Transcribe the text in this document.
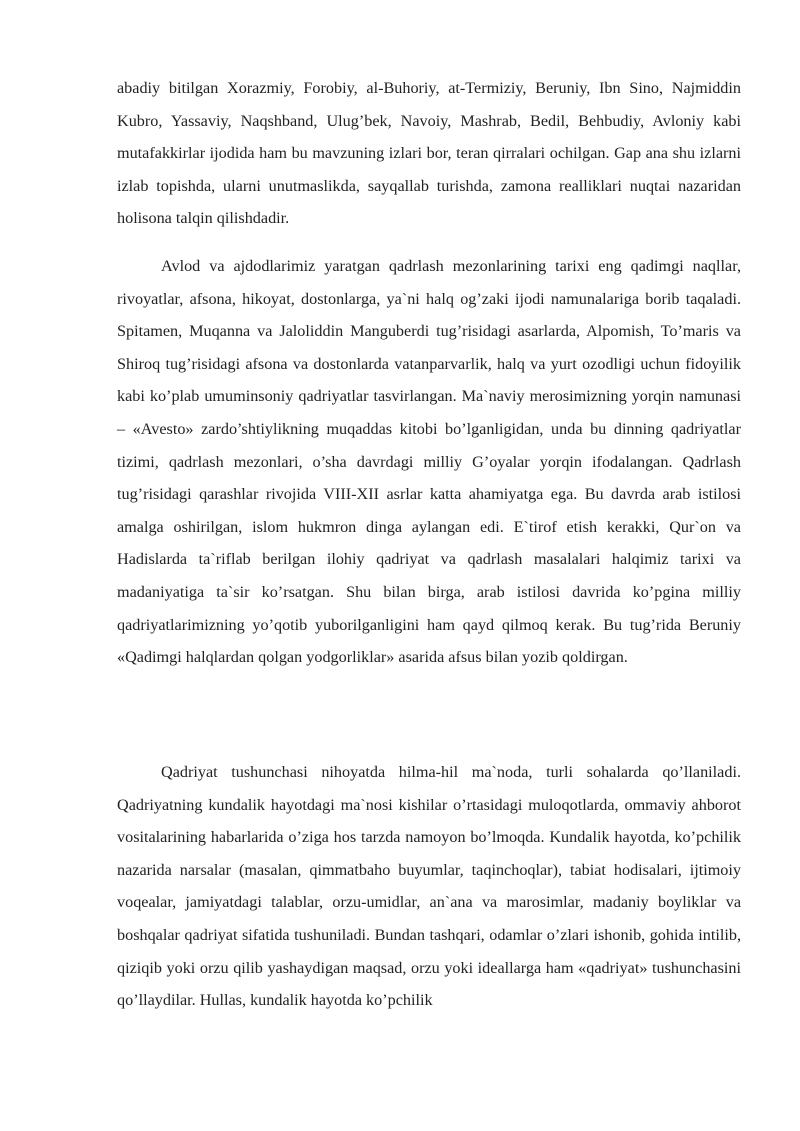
abadiy bitilgan Xorazmiy, Forobiy, al-Buhoriy, at-Termiziy, Beruniy, Ibn Sino, Najmiddin Kubro, Yassaviy, Naqshband, Ulug’bek, Navoiy, Mashrab, Bedil, Behbudiy, Avloniy kabi mutafakkirlar ijodida ham bu mavzuning izlari bor, teran qirralari ochilgan. Gap ana shu izlarni izlab topishda, ularni unutmaslikda, sayqallab turishda, zamona realliklari nuqtai nazaridan holisona talqin qilishdadir.

Avlod va ajdodlarimiz yaratgan qadrlash mezonlarining tarixi eng qadimgi naqllar, rivoyatlar, afsona, hikoyat, dostonlarga, ya`ni halq og’zaki ijodi namunalariga borib taqaladi. Spitamen, Muqanna va Jaloliddin Manguberdi tug’risidagi asarlarda, Alpomish, To’maris va Shiroq tug’risidagi afsona va dostonlarda vatanparvarlik, halq va yurt ozodligi uchun fidoyilik kabi ko’plab umuminsoniy qadriyatlar tasvirlangan. Ma`naviy merosimizning yorqin namunasi – «Avesto» zardo’shtiylikning muqaddas kitobi bo’lganligidan, unda bu dinning qadriyatlar tizimi, qadrlash mezonlari, o’sha davrdagi milliy G’oyalar yorqin ifodalangan. Qadrlash tug’risidagi qarashlar rivojida VIII-XII asrlar katta ahamiyatga ega. Bu davrda arab istilosi amalga oshirilgan, islom hukmron dinga aylangan edi. E`tirof etish kerakki, Qur`on va Hadislarda ta`riflab berilgan ilohiy qadriyat va qadrlash masalalari halqimiz tarixi va madaniyatiga ta`sir ko’rsatgan. Shu bilan birga, arab istilosi davrida ko’pgina milliy qadriyatlarimizning yo’qotib yuborilganligini ham qayd qilmoq kerak. Bu tug’rida Beruniy «Qadimgi halqlardan qolgan yodgorliklar» asarida afsus bilan yozib qoldirgan.

Qadriyat tushunchasi nihoyatda hilma-hil ma`noda, turli sohalarda qo’llaniladi. Qadriyatning kundalik hayotdagi ma`nosi kishilar o’rtasidagi muloqotlarda, ommaviy ahborot vositalarining habarlarida o’ziga hos tarzda namoyon bo’lmoqda. Kundalik hayotda, ko’pchilik nazarida narsalar (masalan, qimmatbaho buyumlar, taqinchoqlar), tabiat hodisalari, ijtimoiy voqealar, jamiyatdagi talablar, orzu-umidlar, an`ana va marosimlar, madaniy boyliklar va boshqalar qadriyat sifatida tushuniladi. Bundan tashqari, odamlar o’zlari ishonib, gohida intilib, qiziqib yoki orzu qilib yashaydigan maqsad, orzu yoki ideallarga ham «qadriyat» tushunchasini qo’llaydilar. Hullas, kundalik hayotda ko’pchilik
